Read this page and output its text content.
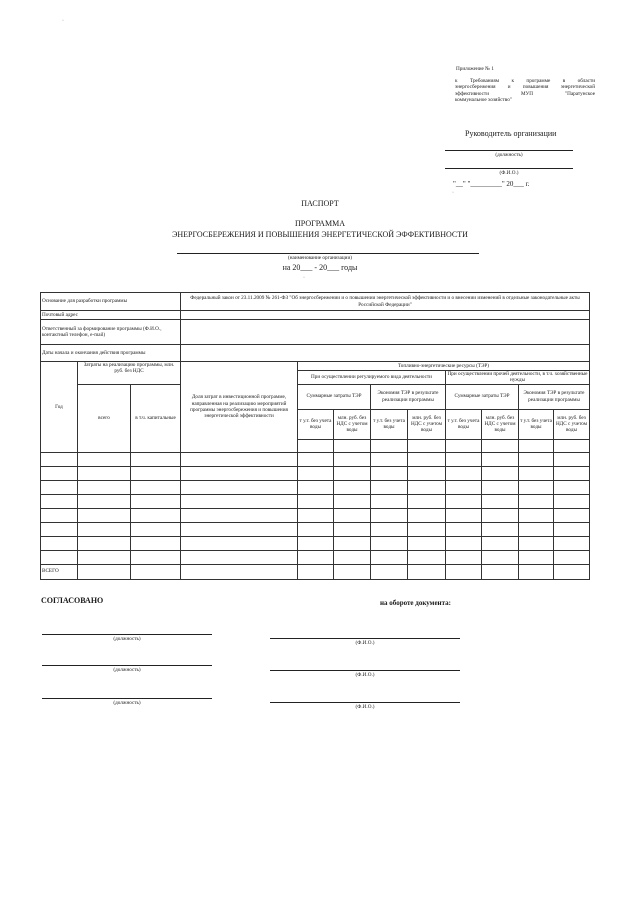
·
·
·
Приложение № 1
к Требованиям к программе в области
энергосбережения и повышения энергетической
эффективности МУП "Паратунское
коммунальное хозяйство"
Руководитель организации
(должность)
(Ф.И.О.)
"__" "_________" 20___ г.
ПАСПОРТ
ПРОГРАММА
ЭНЕРГОСБЕРЕЖЕНИЯ И ПОВЫШЕНИЯ ЭНЕРГЕТИЧЕСКОЙ ЭФФЕКТИВНОСТИ
(наименование организации)
на 20___ - 20___ годы
Основание для разработки программы			Федеральный закон от 23.11.2009 № 261-ФЗ "Об энергосбережении и о повышении энергетической эффективности и о внесении изменений в отдельные законодательные акты Российской Федерации"								
Почтовый адрес											
Ответственный за формирование программы (Ф.И.О., контактный телефон, e-mail)											
Даты начала и окончания действия программы											
Год	Затраты на реализацию программы, млн. руб. без НДС		Доля затрат в инвестиционной программе, направленная на реализацию мероприятий программы энергосбережения и повышения энергетической эффективности	Топливно-энергетические ресурсы (ТЭР)							
				При осуществлении регулируемого вида деятельности				При осуществлении прочей деятельности, в т.ч. хозяйственные нужды			
	всего	в т.ч. капитальные		Суммарные затраты ТЭР		Экономия ТЭР в результате реализации программы		Суммарные затраты ТЭР		Экономия ТЭР в результате реализации программы	
				т у.т. без учета воды	млн. руб. без НДС с учетом воды	т у.т. без учета воды	млн. руб. без НДС с учетом воды	т у.т. без учета воды	млн. руб. без НДС с учетом воды	т у.т. без учета воды	млн. руб. без НДС с учетом воды

ВСЕГО											
СОГЛАСОВАНО	на обороте документа:
(должность)
(Ф.И.О.)
(должность)
(Ф.И.О.)
(должность)
(Ф.И.О.)
